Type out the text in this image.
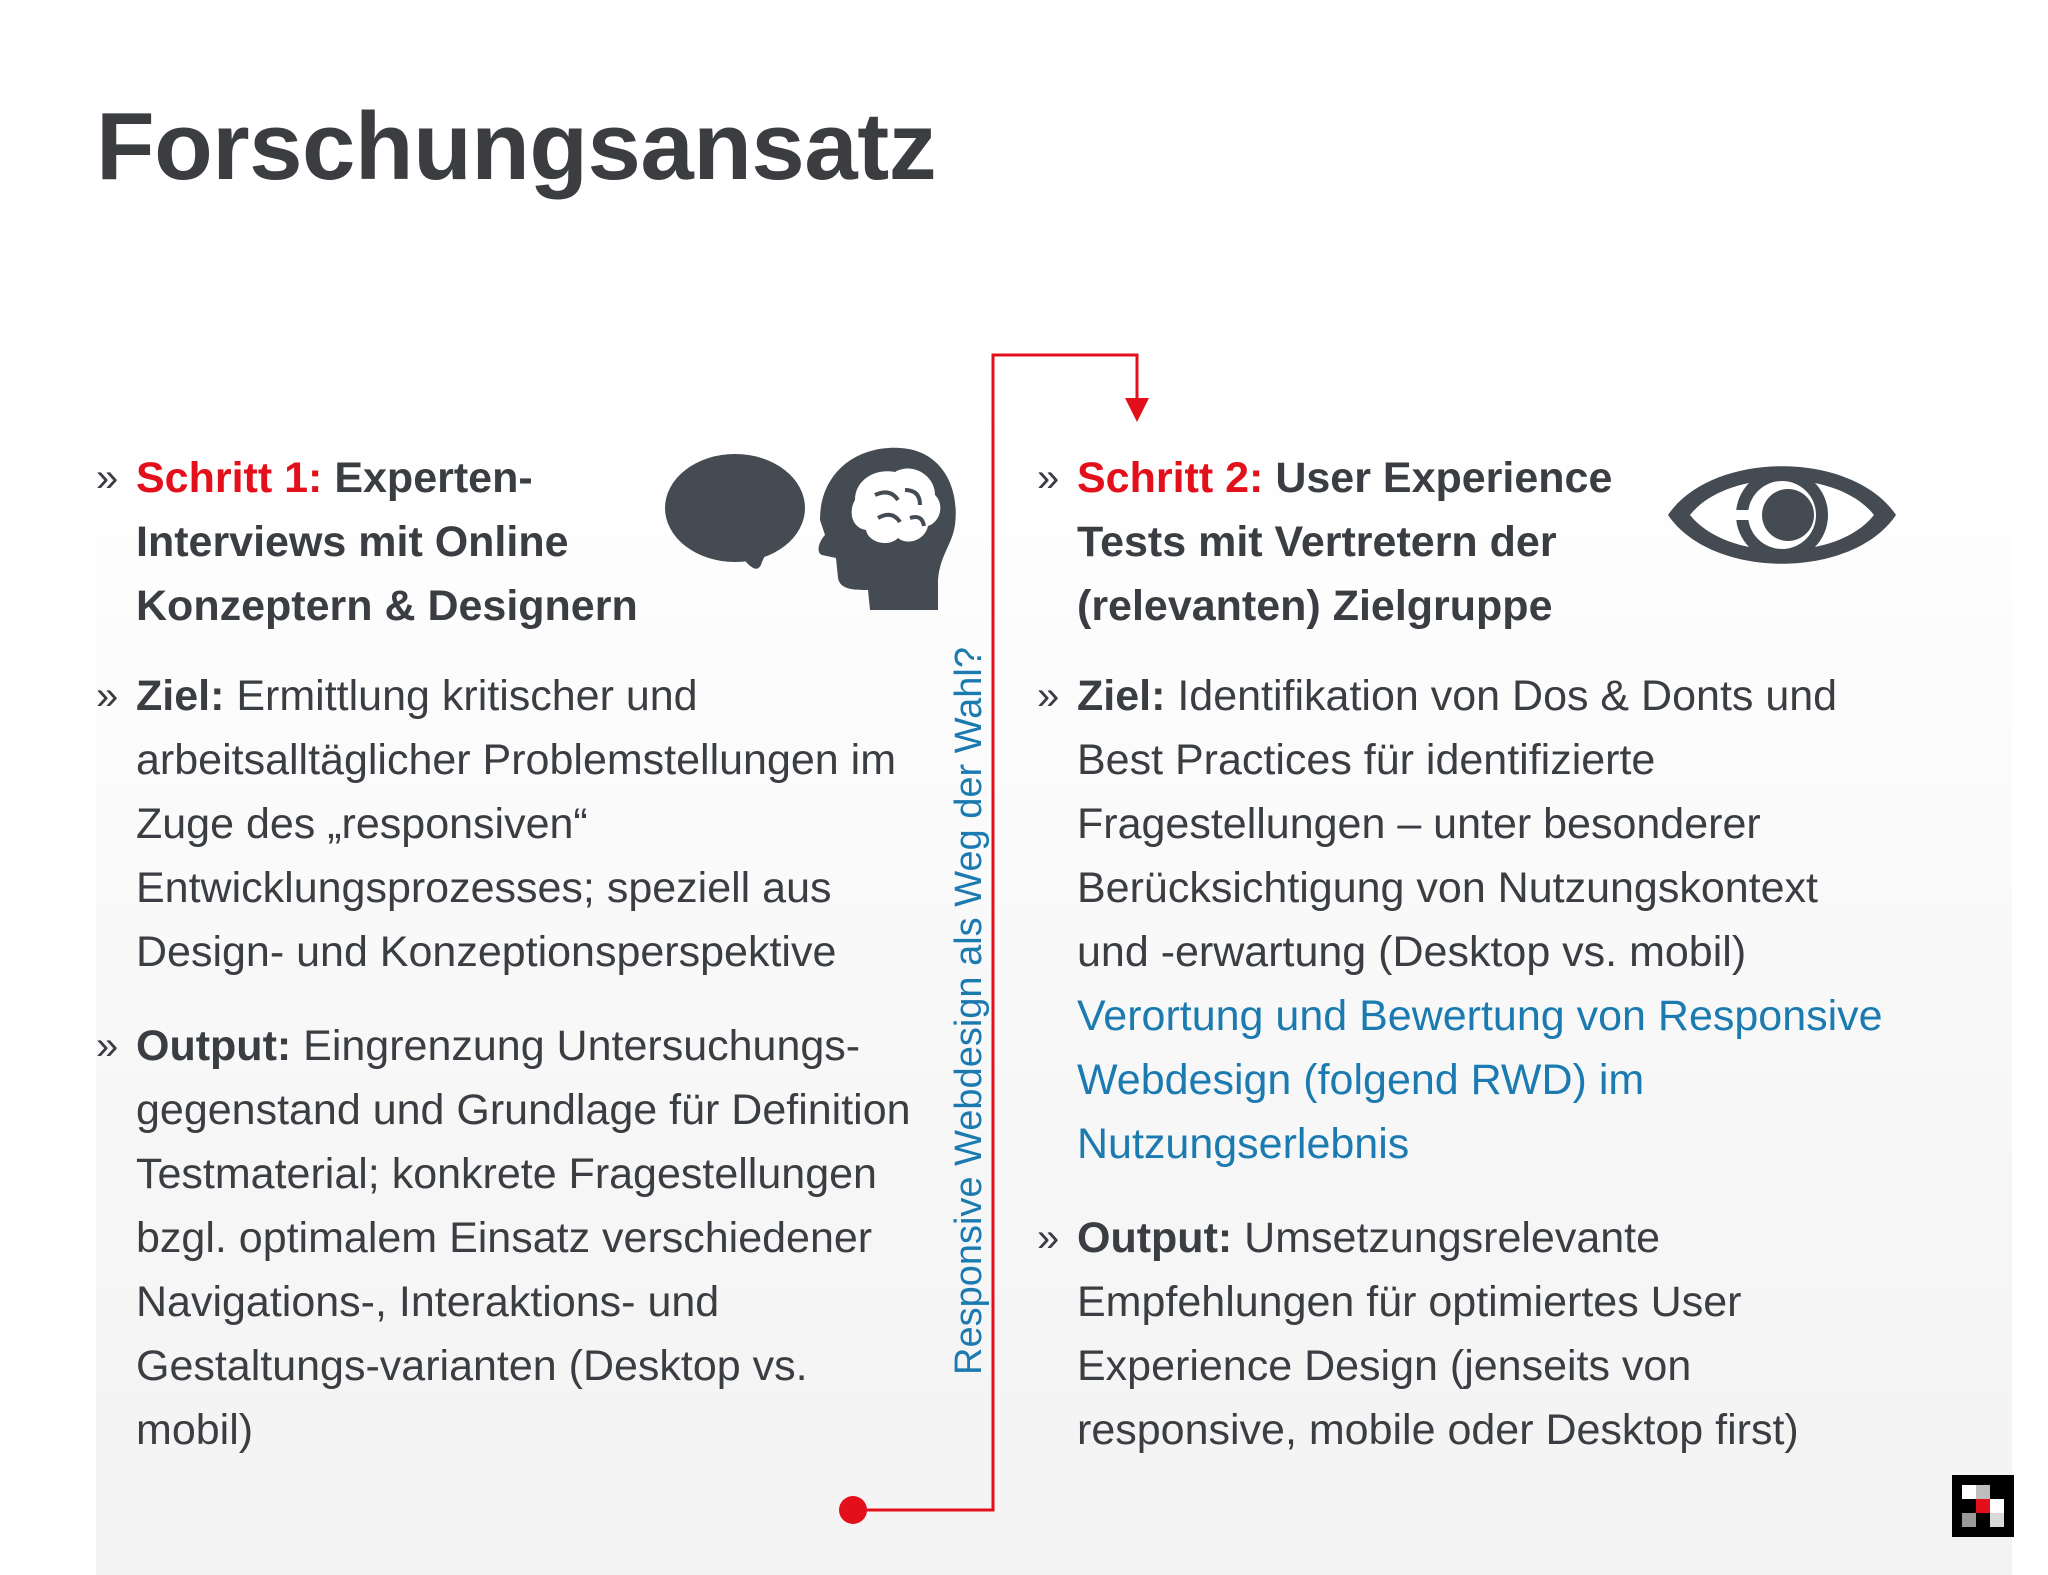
Forschungsansatz
Responsive Webdesign als Weg der Wahl?

» Schritt 1: Experten-Interviews mit Online Konzeptern & Designern

» Ziel: Ermittlung kritischer und arbeitsalltäglicher Problemstellungen im Zuge des „responsiven“ Entwicklungsprozesses; speziell aus Design- und Konzeptionsperspektive

» Output: Eingrenzung Untersuchungs-gegenstand und Grundlage für Definition Testmaterial; konkrete Fragestellungen bzgl. optimalem Einsatz verschiedener Navigations-, Interaktions- und Gestaltungs-varianten (Desktop vs. mobil)

» Schritt 2: User Experience Tests mit Vertretern der (relevanten) Zielgruppe

» Ziel: Identifikation von Dos & Donts und Best Practices für identifizierte Fragestellungen – unter besonderer Berücksichtigung von Nutzungskontext und -erwartung (Desktop vs. mobil)
Verortung und Bewertung von Responsive Webdesign (folgend RWD) im Nutzungserlebnis

» Output: Umsetzungsrelevante Empfehlungen für optimiertes User Experience Design (jenseits von responsive, mobile oder Desktop first)
